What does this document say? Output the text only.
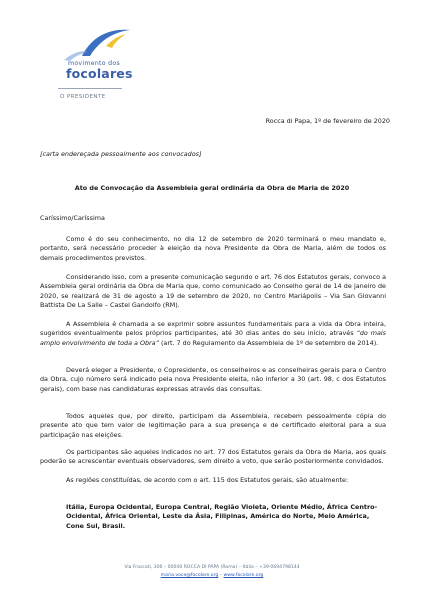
movimento dos
focolares
O PRESIDENTE
Rocca di Papa, 1º de fevereiro de 2020
[carta endereçada pessoalmente aos convocados]
Ato de Convocação da Assembleia geral ordinária da Obra de Maria de 2020
Caríssimo/Caríssima
Como é do seu conhecimento, no dia 12 de setembro de 2020 terminará o meu mandato e, portanto, será necessário proceder à eleição da nova Presidente da Obra de Maria, além de todos os demais procedimentos previstos.
Considerando isso, com a presente comunicação segundo o art. 76 dos Estatutos gerais, convoco a Assembleia geral ordinária da Obra de Maria que, como comunicado ao Conselho geral de 14 de janeiro de 2020, se realizará de 31 de agosto a 19 de setembro de 2020, no Centro Mariápolis – Via San Giovanni Battista De La Salle – Castel Gandolfo (RM).
A Assembleia é chamada a se exprimir sobre assuntos fundamentais para a vida da Obra inteira, sugeridos eventualmente pelos próprios participantes, até 30 dias antes do seu início, através “do mais amplo envolvimento de toda a Obra” (art. 7 do Regulamento da Assembleia de 1º de setembro de 2014).
Deverá eleger a Presidente, o Copresidente, os conselheiros e as conselheiras gerais para o Centro da Obra, cujo número será indicado pela nova Presidente eleita, não inferior a 30 (art. 98, c dos Estatutos gerais), com base nas candidaturas expressas através das consultas.
Todos aqueles que, por direito, participam da Assembleia, recebem pessoalmente cópia do presente ato que tem valor de legitimação para a sua presença e de certificado eleitoral para a sua participação nas eleições.
Os participantes são aqueles indicados no art. 77 dos Estatutos gerais da Obra de Maria, aos quais poderão se acrescentar eventuais observadores, sem direito a voto, que serão posteriormente convidados.
As regiões constituídas, de acordo com o art. 115 dos Estatutos gerais, são atualmente:
Itália, Europa Ocidental, Europa Central, Região Violeta, Oriente Médio, África Centro-Ocidental, África Oriental, Leste da Ásia, Filipinas, América do Norte, Meio América, Cone Sul, Brasil.
Via Frascati, 306 – 00040 ROCCA DI PAPA (Roma) – Itália – +39-0694798144
maria.voce@focolare.org – www.focolare.org
